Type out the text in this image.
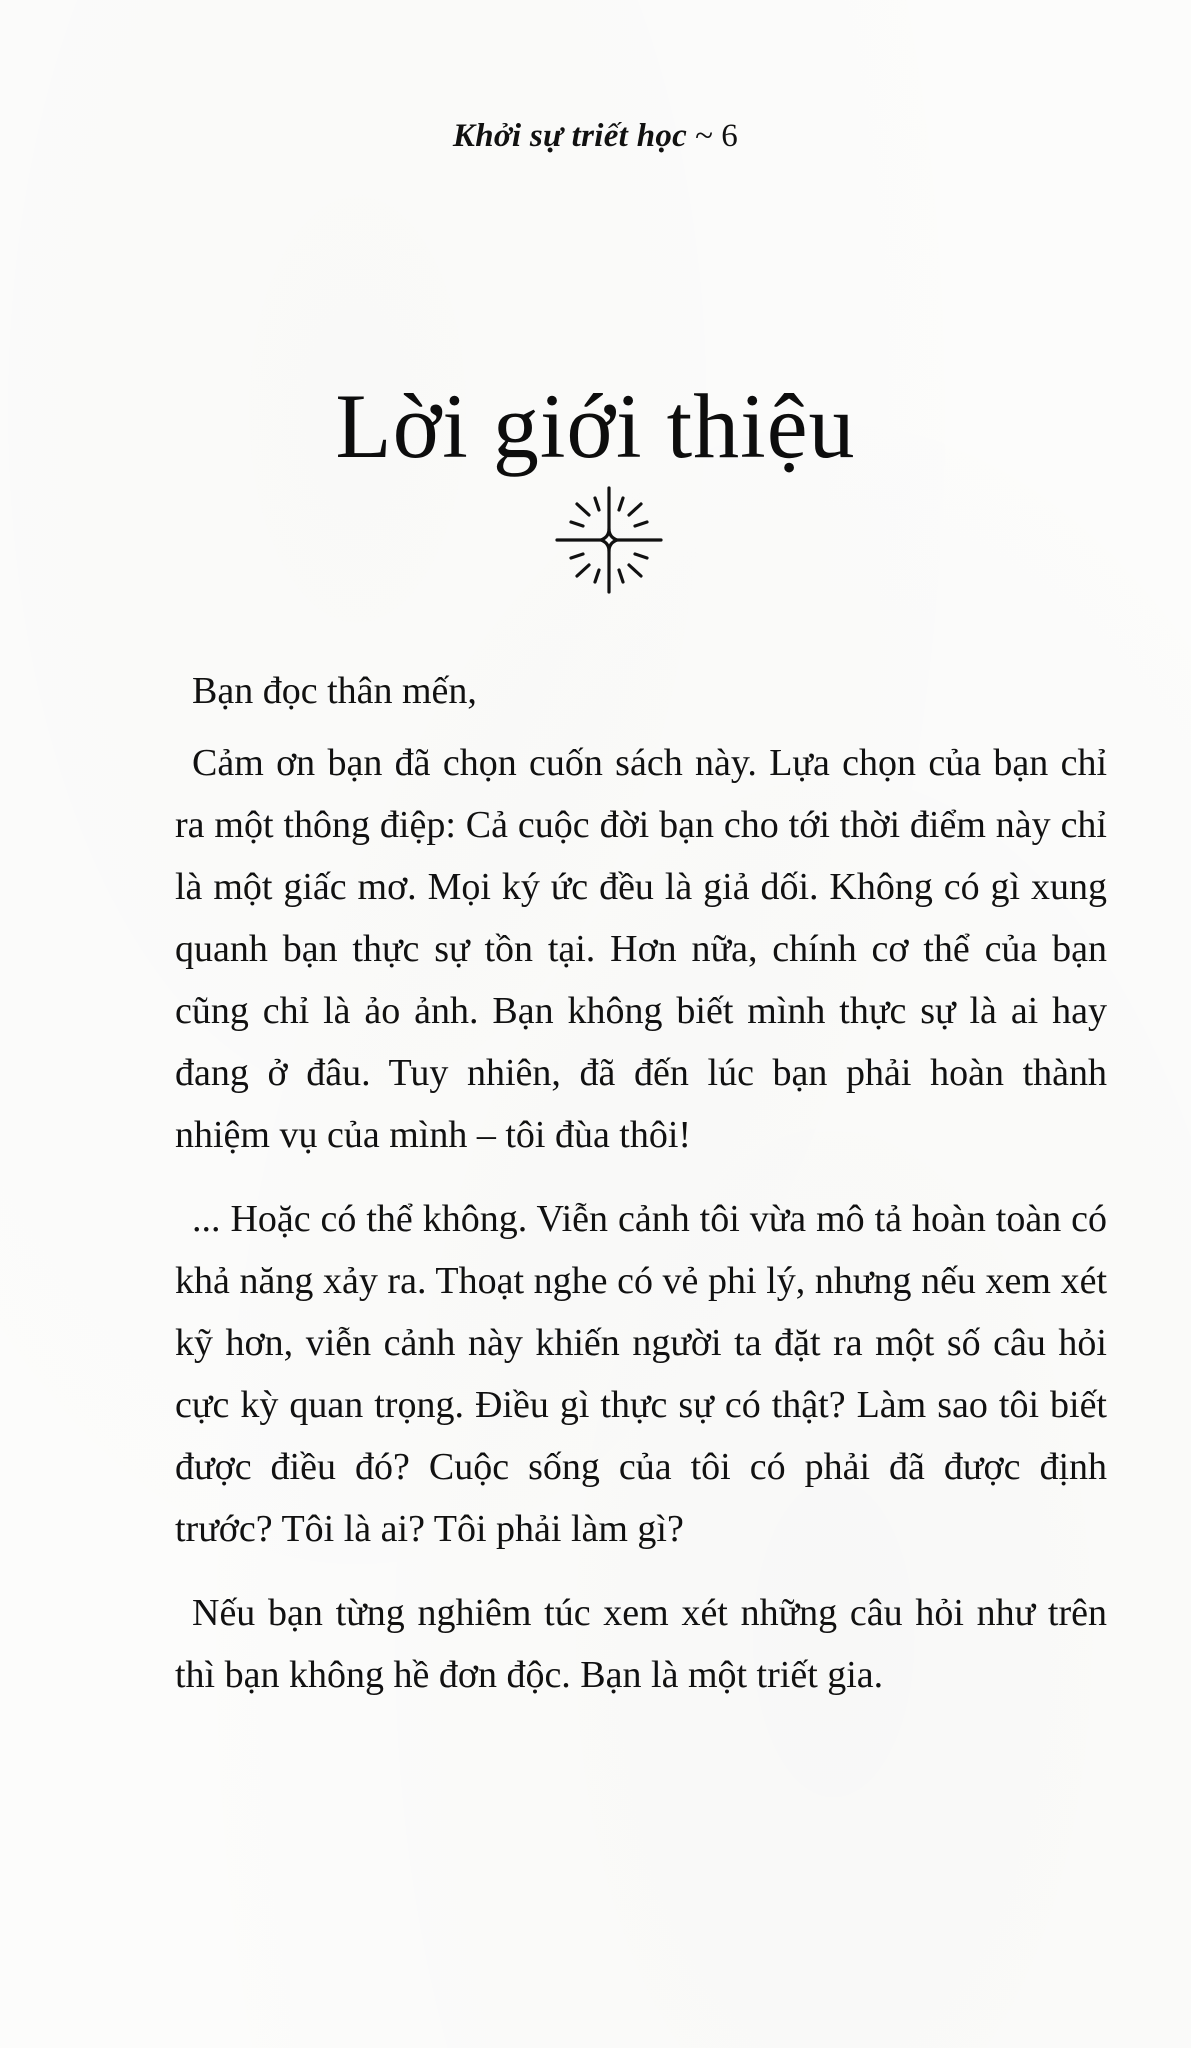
Khởi sự triết học ~ 6
Lời giới thiệu

Bạn đọc thân mến,

Cảm ơn bạn đã chọn cuốn sách này. Lựa chọn của bạn chỉ ra một thông điệp: Cả cuộc đời bạn cho tới thời điểm này chỉ là một giấc mơ. Mọi ký ức đều là giả dối. Không có gì xung quanh bạn thực sự tồn tại. Hơn nữa, chính cơ thể của bạn cũng chỉ là ảo ảnh. Bạn không biết mình thực sự là ai hay đang ở đâu. Tuy nhiên, đã đến lúc bạn phải hoàn thành nhiệm vụ của mình – tôi đùa thôi!

... Hoặc có thể không. Viễn cảnh tôi vừa mô tả hoàn toàn có khả năng xảy ra. Thoạt nghe có vẻ phi lý, nhưng nếu xem xét kỹ hơn, viễn cảnh này khiến người ta đặt ra một số câu hỏi cực kỳ quan trọng. Điều gì thực sự có thật? Làm sao tôi biết được điều đó? Cuộc sống của tôi có phải đã được định trước? Tôi là ai? Tôi phải làm gì?

Nếu bạn từng nghiêm túc xem xét những câu hỏi như trên thì bạn không hề đơn độc. Bạn là một triết gia.
